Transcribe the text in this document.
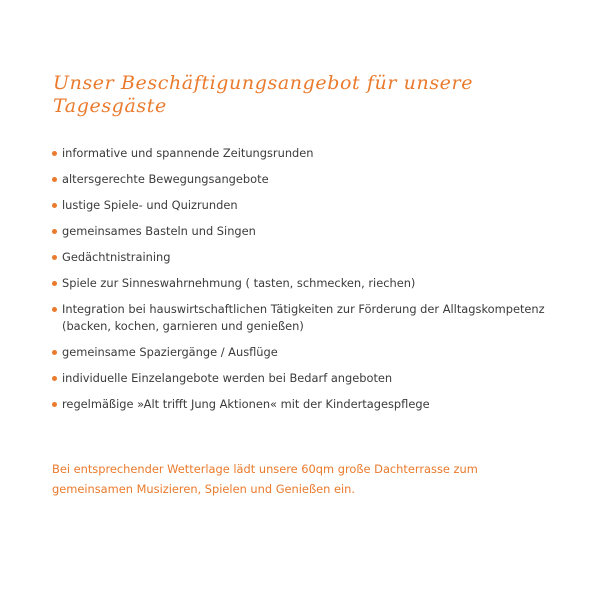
Unser Beschäftigungsangebot für unsere Tagesgäste
informative und spannende Zeitungsrunden
altersgerechte Bewegungsangebote
lustige Spiele- und Quizrunden
gemeinsames Basteln und Singen
Gedächtnistraining
Spiele zur Sinneswahrnehmung ( tasten, schmecken, riechen)
Integration bei hauswirtschaftlichen Tätigkeiten zur Förderung der Alltagskompetenz
(backen, kochen, garnieren und genießen)
gemeinsame Spaziergänge / Ausflüge
individuelle Einzelangebote werden bei Bedarf angeboten
regelmäßige »Alt trifft Jung Aktionen« mit der Kindertagespflege

Bei entsprechender Wetterlage lädt unsere 60qm große Dachterrasse zum gemeinsamen Musizieren, Spielen und Genießen ein.
